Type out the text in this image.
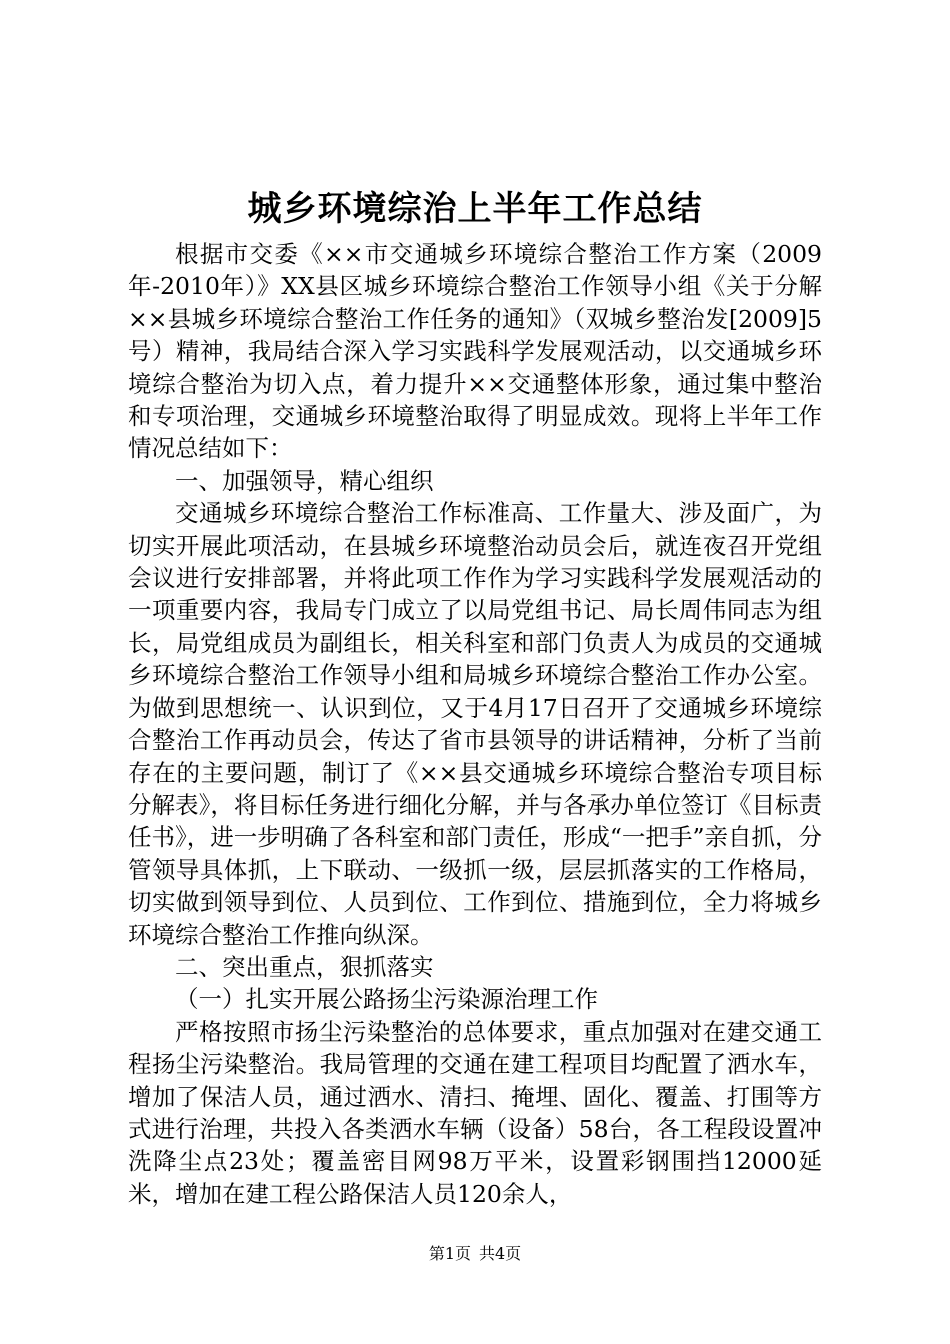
城乡环境综治上半年工作总结

根据市交委《××市交通城乡环境综合整治工作方案（2009年-2010年）》XX县区城乡环境综合整治工作领导小组《关于分解××县城乡环境综合整治工作任务的通知》（双城乡整治发[2009]5号）精神，我局结合深入学习实践科学发展观活动，以交通城乡环境综合整治为切入点，着力提升××交通整体形象，通过集中整治和专项治理，交通城乡环境整治取得了明显成效。现将上半年工作情况总结如下：

一、加强领导，精心组织

交通城乡环境综合整治工作标准高、工作量大、涉及面广，为切实开展此项活动，在县城乡环境整治动员会后，就连夜召开党组会议进行安排部署，并将此项工作作为学习实践科学发展观活动的一项重要内容，我局专门成立了以局党组书记、局长周伟同志为组长，局党组成员为副组长，相关科室和部门负责人为成员的交通城乡环境综合整治工作领导小组和局城乡环境综合整治工作办公室。为做到思想统一、认识到位，又于4月17日召开了交通城乡环境综合整治工作再动员会，传达了省市县领导的讲话精神，分析了当前存在的主要问题，制订了《××县交通城乡环境综合整治专项目标分解表》，将目标任务进行细化分解，并与各承办单位签订《目标责任书》，进一步明确了各科室和部门责任，形成“一把手”亲自抓，分管领导具体抓，上下联动、一级抓一级，层层抓落实的工作格局，切实做到领导到位、人员到位、工作到位、措施到位，全力将城乡环境综合整治工作推向纵深。

二、突出重点，狠抓落实

（一）扎实开展公路扬尘污染源治理工作

严格按照市扬尘污染整治的总体要求，重点加强对在建交通工程扬尘污染整治。我局管理的交通在建工程项目均配置了洒水车，增加了保洁人员，通过洒水、清扫、掩埋、固化、覆盖、打围等方式进行治理，共投入各类洒水车辆（设备）58台，各工程段设置冲洗降尘点23处；覆盖密目网98万平米，设置彩钢围挡12000延米，增加在建工程公路保洁人员120余人，

第1页 共4页
